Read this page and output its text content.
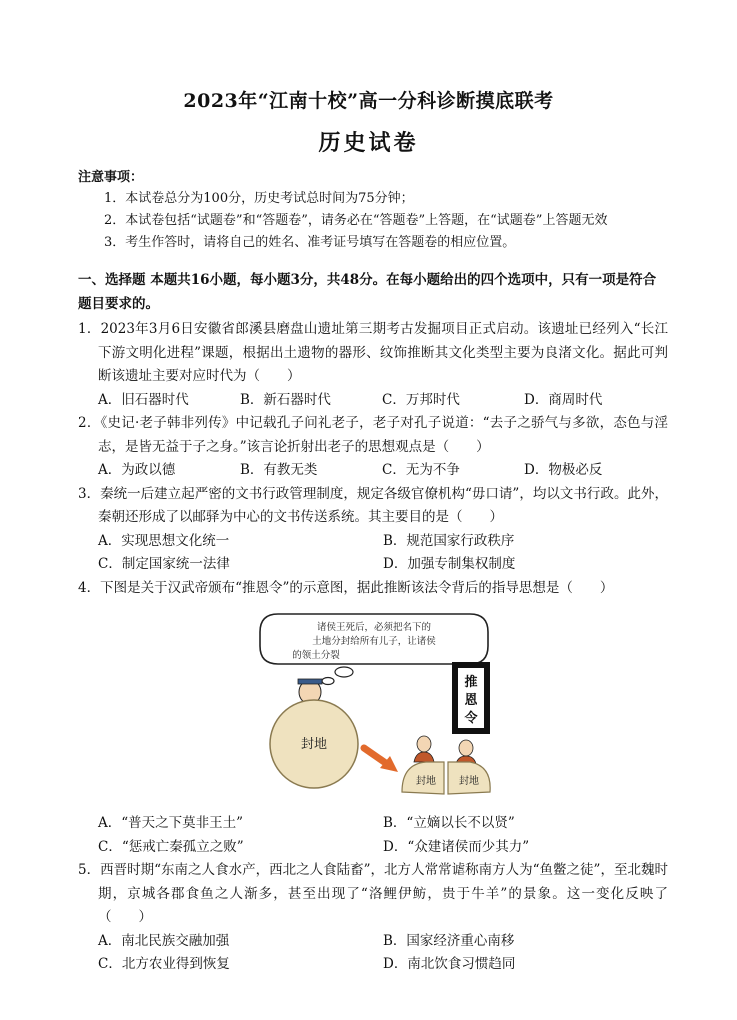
2023年“江南十校”高一分科诊断摸底联考
历史试卷
注意事项：
1．本试卷总分为100分，历史考试总时间为75分钟；
2．本试卷包括“试题卷”和“答题卷”，请务必在“答题卷”上答题，在“试题卷”上答题无效
3．考生作答时，请将自己的姓名、准考证号填写在答题卷的相应位置。
一、选择题 本题共16小题，每小题3分，共48分。在每小题给出的四个选项中，只有一项是符合题目要求的。
1．2023年3月6日安徽省郎溪县磨盘山遗址第三期考古发掘项目正式启动。该遗址已经列入“长江下游文明化进程”课题，根据出土遗物的器形、纹饰推断其文化类型主要为良渚文化。据此可判断该遗址主要对应时代为（　　）
A．旧石器时代	B．新石器时代	C．万邦时代	D．商周时代
2．《史记·老子韩非列传》中记载孔子问礼老子，老子对孔子说道：“去子之骄气与多欲，态色与淫志，是皆无益于子之身。”该言论折射出老子的思想观点是（　　）
A．为政以德	B．有教无类	C．无为不争	D．物极必反
3．秦统一后建立起严密的文书行政管理制度，规定各级官僚机构“毋口请”，均以文书行政。此外，秦朝还形成了以邮驿为中心的文书传送系统。其主要目的是（　　）
A．实现思想文化统一	B．规范国家行政秩序
C．制定国家统一法律	D．加强专制集权制度
4．下图是关于汉武帝颁布“推恩令”的示意图，据此推断该法令背后的指导思想是（　　）
诸侯王死后，必须把名下的
土地分封给所有儿子，让诸侯
的领土分裂
推
恩
令
封地
封地 封地
A．“普天之下莫非王土”	B．“立嫡以长不以贤”
C．“惩戒亡秦孤立之败”	D．“众建诸侯而少其力”
5．西晋时期“东南之人食水产，西北之人食陆畜”，北方人常常谑称南方人为“鱼鳖之徒”，至北魏时期，京城各郡食鱼之人渐多，甚至出现了“洛鲤伊鲂，贵于牛羊”的景象。这一变化反映了（　　）
A．南北民族交融加强	B．国家经济重心南移
C．北方农业得到恢复	D．南北饮食习惯趋同
